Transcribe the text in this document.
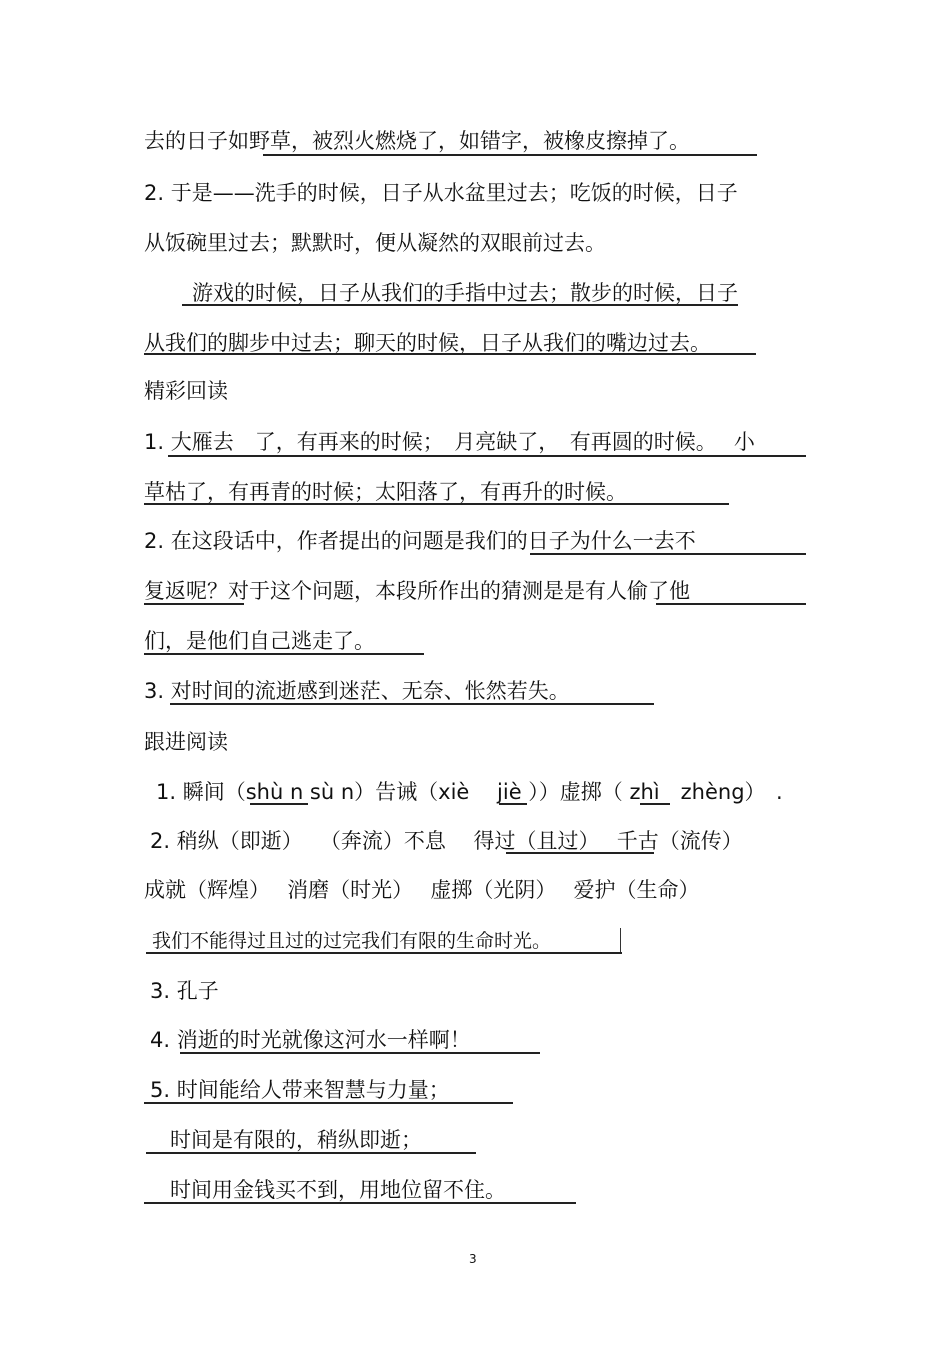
去的日子如野草，被烈火燃烧了，如错字，被橡皮擦掉了。
2. 于是——洗手的时候，日子从水盆里过去；吃饭的时候，日子
从饭碗里过去；默默时，便从凝然的双眼前过去。
游戏的时候，日子从我们的手指中过去；散步的时候，日子
从我们的脚步中过去；聊天的时候，日子从我们的嘴边过去。
精彩回读
1. 大雁去　了，有再来的时候；　月亮缺了，　有再圆的时候。　 小
草枯了，有再青的时候；太阳落了，有再升的时候。
2. 在这段话中，作者提出的问题是我们的日子为什么一去不
复返呢？对于这个问题，本段所作出的猜测是是有人偷了他
们，是他们自己逃走了。
3. 对时间的流逝感到迷茫、无奈、怅然若失。
跟进阅读
1. 瞬间（shù n sù n）告诫（xiè　 jiè ））虚掷（ zhì　zhèng）　.
2. 稍纵（即逝）　 （奔流）不息　 得过（且过）　 千古（流传）
成就（辉煌）　 消磨（时光）　 虚掷（光阴）　 爱护（生命）
我们不能得过且过的过完我们有限的生命时光。
3. 孔子
4. 消逝的时光就像这河水一样啊！
5. 时间能给人带来智慧与力量；
时间是有限的，稍纵即逝；
时间用金钱买不到，用地位留不住。
3
